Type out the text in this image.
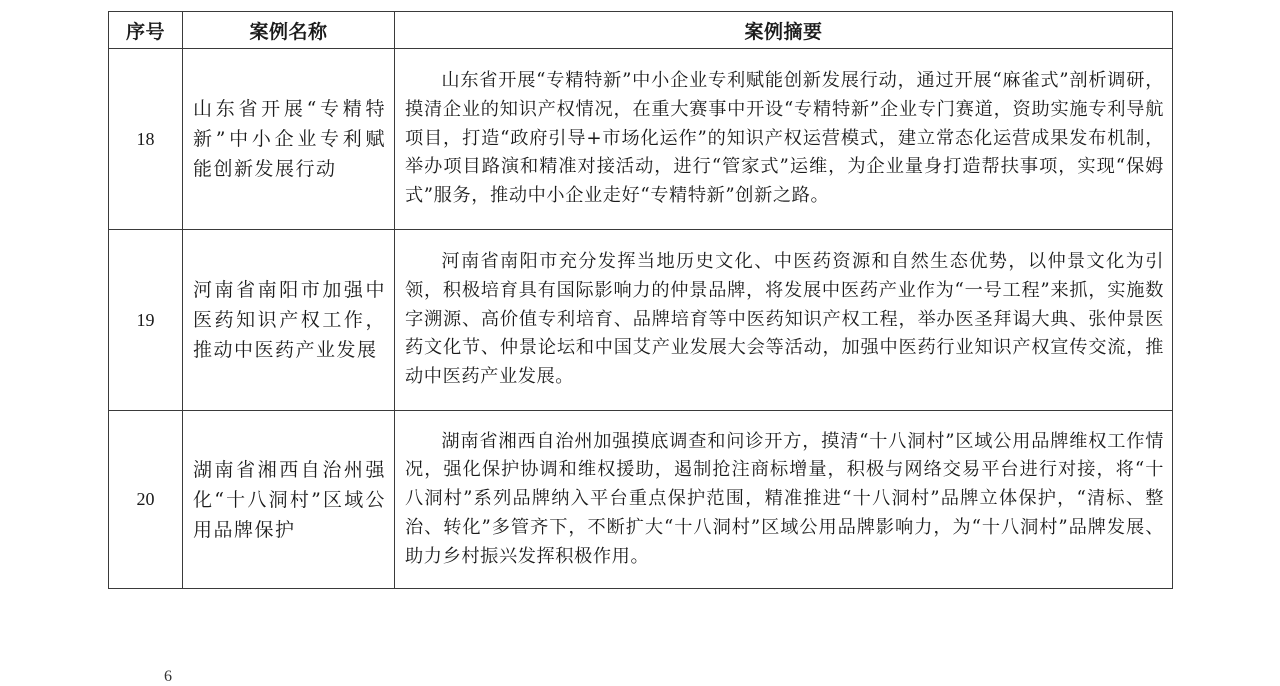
序号	案例名称	案例摘要
18	山东省开展“专精特新”中小企业专利赋能创新发展行动	山东省开展“专精特新”中小企业专利赋能创新发展行动，通过开展“麻雀式”剖析调研，摸清企业的知识产权情况，在重大赛事中开设“专精特新”企业专门赛道，资助实施专利导航项目，打造“政府引导+市场化运作”的知识产权运营模式，建立常态化运营成果发布机制，举办项目路演和精准对接活动，进行“管家式”运维，为企业量身打造帮扶事项，实现“保姆式”服务，推动中小企业走好“专精特新”创新之路。
19	河南省南阳市加强中医药知识产权工作，推动中医药产业发展	河南省南阳市充分发挥当地历史文化、中医药资源和自然生态优势，以仲景文化为引领，积极培育具有国际影响力的仲景品牌，将发展中医药产业作为“一号工程”来抓，实施数字溯源、高价值专利培育、品牌培育等中医药知识产权工程，举办医圣拜谒大典、张仲景医药文化节、仲景论坛和中国艾产业发展大会等活动，加强中医药行业知识产权宣传交流，推动中医药产业发展。
20	湖南省湘西自治州强化“十八洞村”区域公用品牌保护	湖南省湘西自治州加强摸底调查和问诊开方，摸清“十八洞村”区域公用品牌维权工作情况，强化保护协调和维权援助，遏制抢注商标增量，积极与网络交易平台进行对接，将“十八洞村”系列品牌纳入平台重点保护范围，精准推进“十八洞村”品牌立体保护，“清标、整治、转化”多管齐下，不断扩大“十八洞村”区域公用品牌影响力，为“十八洞村”品牌发展、助力乡村振兴发挥积极作用。
6
